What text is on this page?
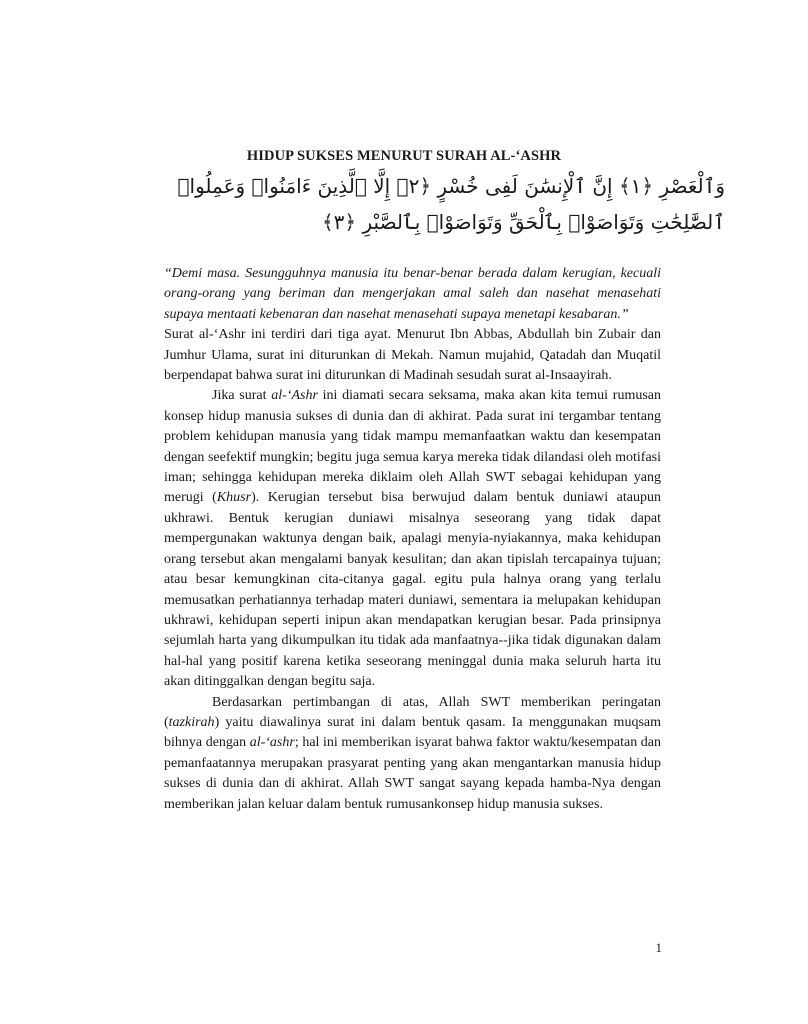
HIDUP SUKSES MENURUT SURAH AL-‘ASHR
وَٱلْعَصْرِ ﴿١﴾ إِنَّ ٱلْإِنسَٰنَ لَفِى خُسْرٍ ﴿٢﴾ إِلَّا ٱلَّذِينَ ءَامَنُوا۟ وَعَمِلُوا۟
ٱلصَّٰلِحَٰتِ وَتَوَاصَوْا۟ بِٱلْحَقِّ وَتَوَاصَوْا۟ بِٱلصَّبْرِ ﴿٣﴾

“Demi masa. Sesungguhnya manusia itu benar-benar berada dalam kerugian, kecuali orang-orang yang beriman dan mengerjakan amal saleh dan nasehat menasehati supaya mentaati kebenaran dan nasehat menasehati supaya menetapi kesabaran.”

Surat al-‘Ashr ini terdiri dari tiga ayat. Menurut Ibn Abbas, Abdullah bin Zubair dan Jumhur Ulama, surat ini diturunkan di Mekah. Namun mujahid, Qatadah dan Muqatil berpendapat bahwa surat ini diturunkan di Madinah sesudah surat al-Insaayirah.

Jika surat al-‘Ashr ini diamati secara seksama, maka akan kita temui rumusan konsep hidup manusia sukses di dunia dan di akhirat. Pada surat ini tergambar tentang problem kehidupan manusia yang tidak mampu memanfaatkan waktu dan kesempatan dengan seefektif mungkin; begitu juga semua karya mereka tidak dilandasi oleh motifasi iman; sehingga kehidupan mereka diklaim oleh Allah SWT sebagai kehidupan yang merugi (Khusr). Kerugian tersebut bisa berwujud dalam bentuk duniawi ataupun ukhrawi. Bentuk kerugian duniawi misalnya seseorang yang tidak dapat mempergunakan waktunya dengan baik, apalagi menyia-nyiakannya, maka kehidupan orang tersebut akan mengalami banyak kesulitan; dan akan tipislah tercapainya tujuan; atau besar kemungkinan cita-citanya gagal. egitu pula halnya orang yang terlalu memusatkan perhatiannya terhadap materi duniawi, sementara ia melupakan kehidupan ukhrawi, kehidupan seperti inipun akan mendapatkan kerugian besar. Pada prinsipnya sejumlah harta yang dikumpulkan itu tidak ada manfaatnya--jika tidak digunakan dalam hal-hal yang positif karena ketika seseorang meninggal dunia maka seluruh harta itu akan ditinggalkan dengan begitu saja.

Berdasarkan pertimbangan di atas, Allah SWT memberikan peringatan (tazkirah) yaitu diawalinya surat ini dalam bentuk qasam. Ia menggunakan muqsam bihnya dengan al-‘ashr; hal ini memberikan isyarat bahwa faktor waktu/kesempatan dan pemanfaatannya merupakan prasyarat penting yang akan mengantarkan manusia hidup sukses di dunia dan di akhirat. Allah SWT sangat sayang kepada hamba-Nya dengan memberikan jalan keluar dalam bentuk rumusankonsep hidup manusia sukses.

1
